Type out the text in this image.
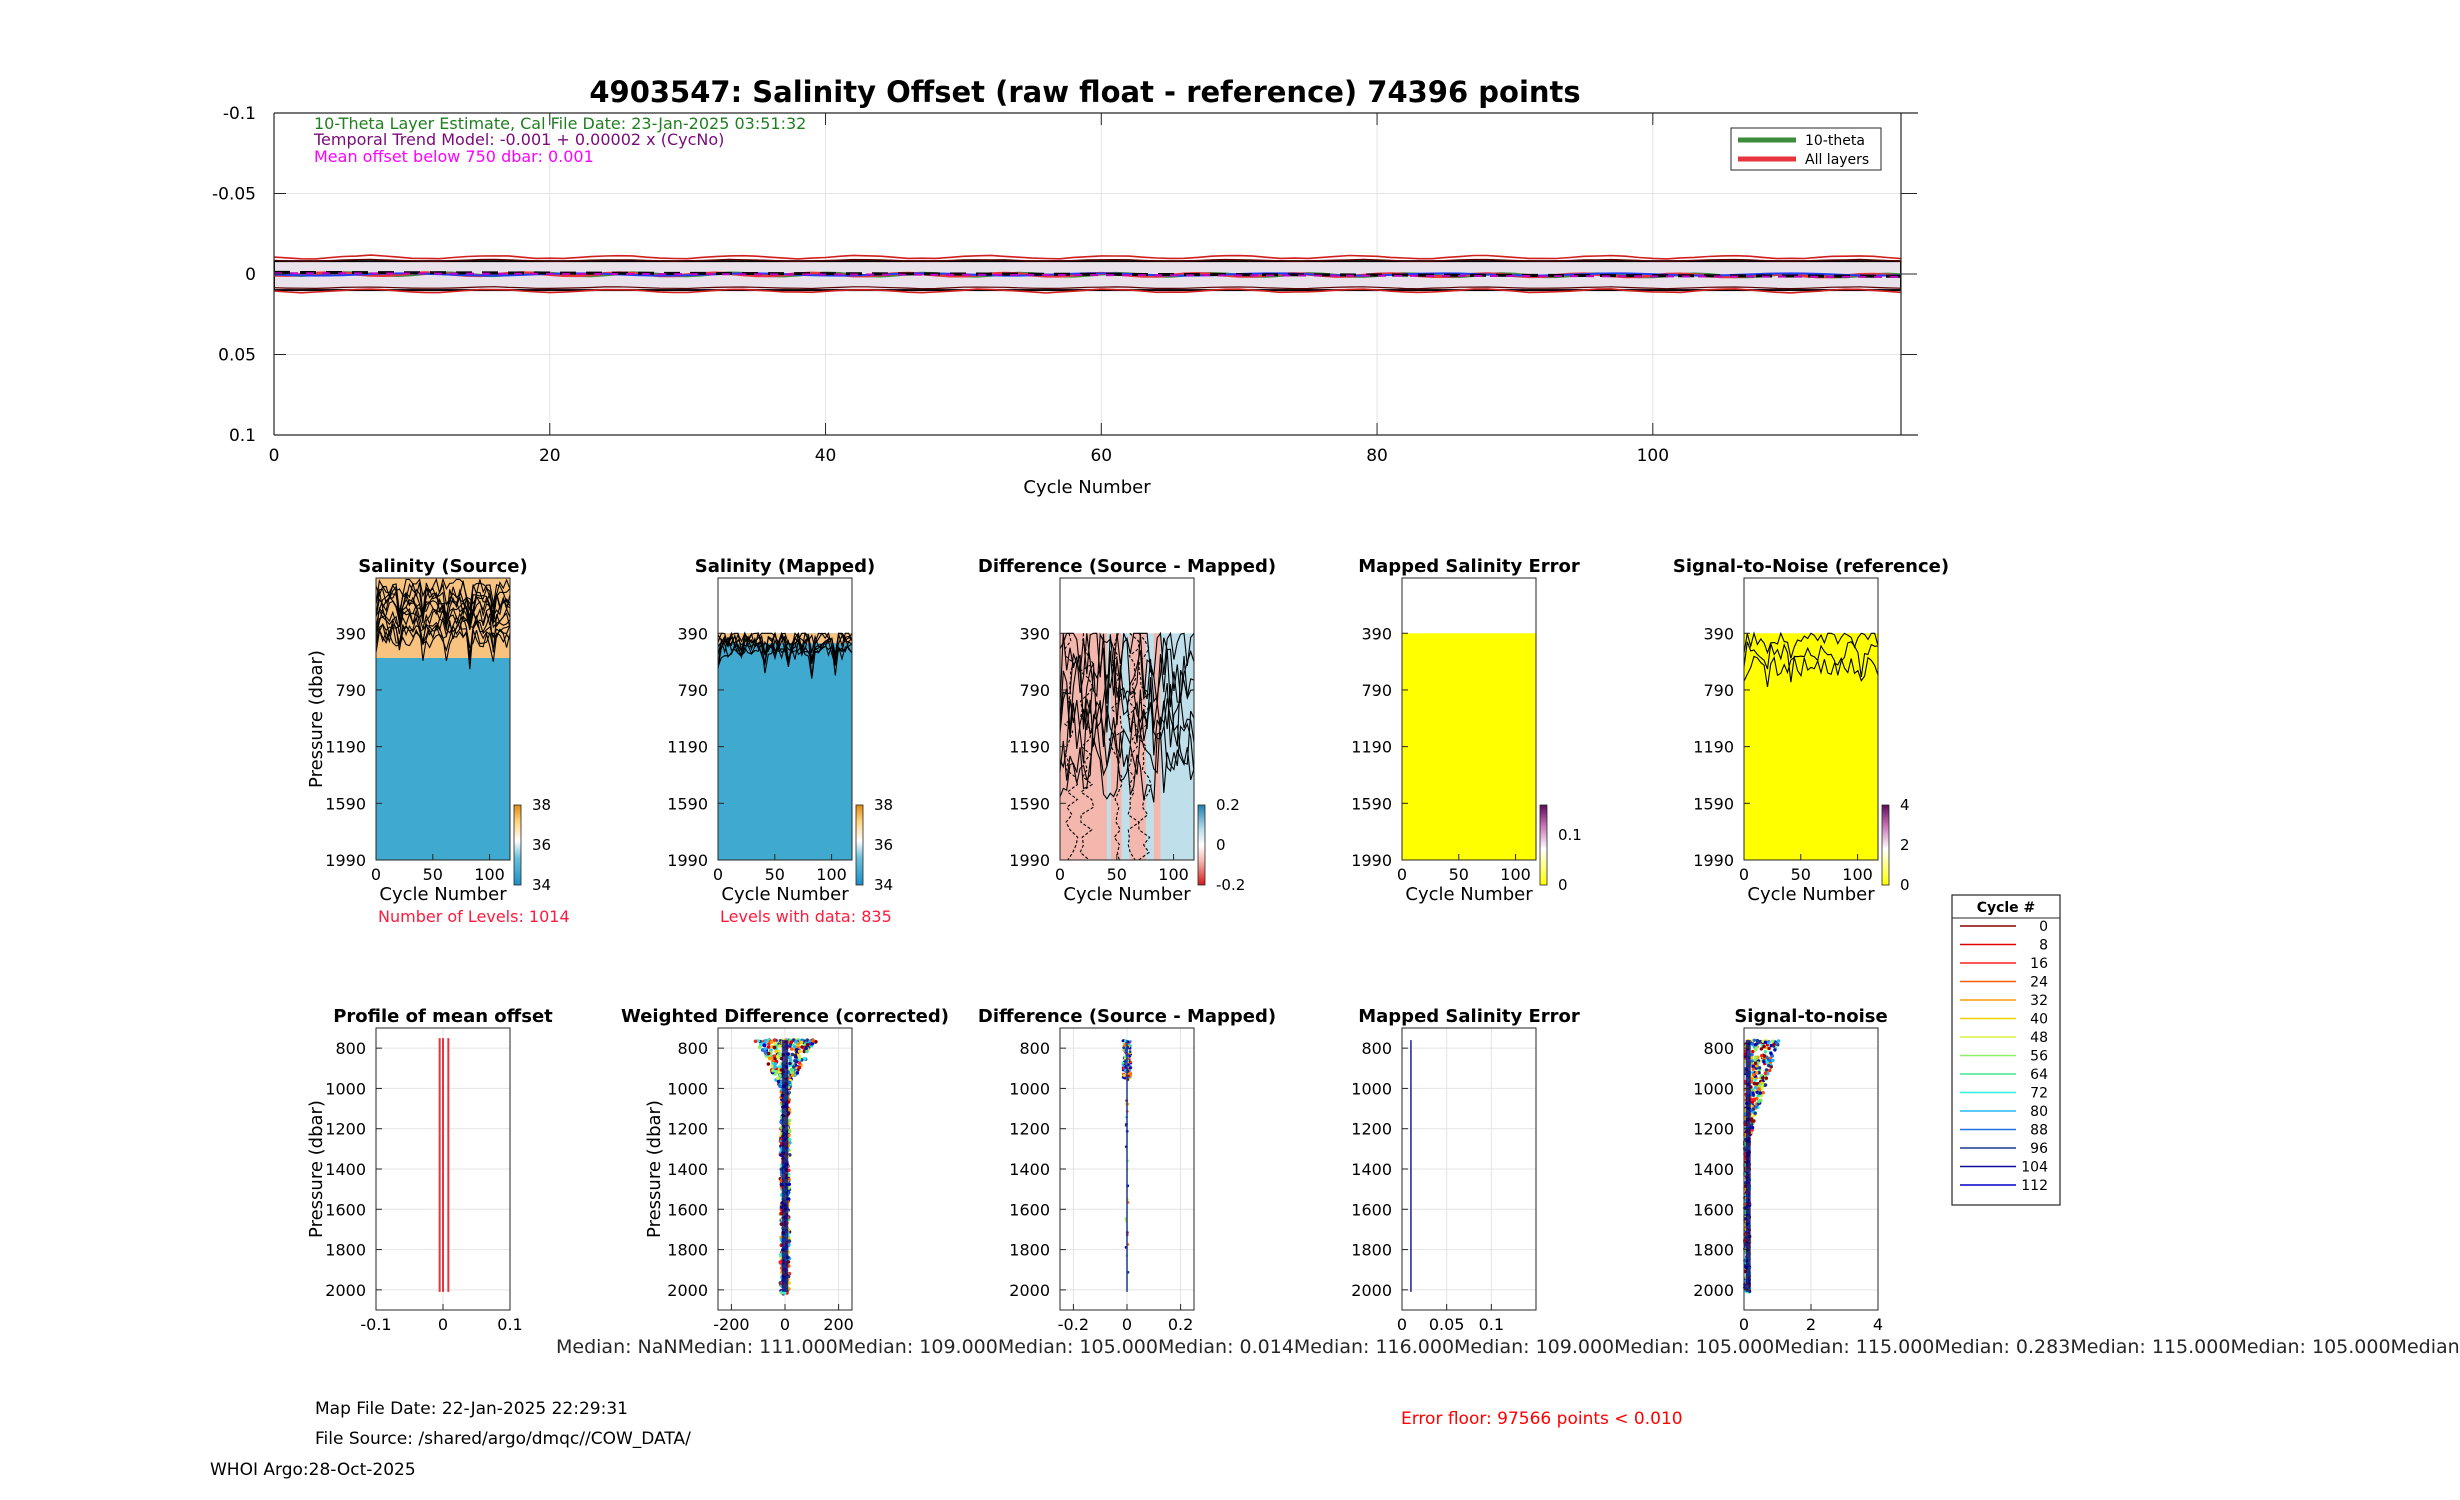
4903547: Salinity Offset (raw float - reference) 74396 points
0	20	40	60	80	100
-0.1
-0.05
0
0.05
0.1
Cycle Number
10-Theta Layer Estimate, Cal File Date: 23-Jan-2025 03:51:32
Temporal Trend Model: -0.001 + 0.00002 x (CycNo)
Mean offset below 750 dbar: 0.001
10-theta
All layers
Salinity (Source)
390
790
1190
1590
1990
0	50 100
Cycle Number
Pressure (dbar)
Number of Levels: 1014
38
36
34
Salinity (Mapped)
390
790
1190
1590
1990
0	50 100
Cycle Number
Levels with data: 835
38
36
34
Difference (Source - Mapped)
390
790
1190
1590
1990
0	50 100
Cycle Number
0.2
0
-0.2
Mapped Salinity Error
390
790
1190
1590
1990
0	50 100
Cycle Number
0.1
0
Signal-to-Noise (reference)
390
790
1190
1590
1990
0	50 100
Cycle Number
4
2
0
Profile of mean offset
800
1000
1200
1400
1600
1800
2000
-0.1	0	0.1
Pressure (dbar)
Weighted Difference (corrected)
800
1000
1200
1400
1600
1800
2000
-200 0 200
Pressure (dbar)
Difference (Source - Mapped)
800
1000
1200
1400
1600
1800
2000
-0.2 0 0.2
Mapped Salinity Error
800
1000
1200
1400
1600
1800
2000
0 0.05 0.1
Signal-to-noise
800
1000
1200
1400
1600
1800
2000
0	2	4
Cycle #
0
8
16
24
32
40
48
56
64
72
80
88
96
104
112
Median: NaNMedian: 111.000Median: 109.000Median: 105.000Median: 0.014Median: 116.000Median: 109.000Median: 105.000Median: 115.000Median: 0.283Median: 115.000Median: 105.000Median
Map File Date: 22-Jan-2025 22:29:31
File Source: /shared/argo/dmqc//COW_DATA/
WHOI Argo:28-Oct-2025
Error floor: 97566 points < 0.010
